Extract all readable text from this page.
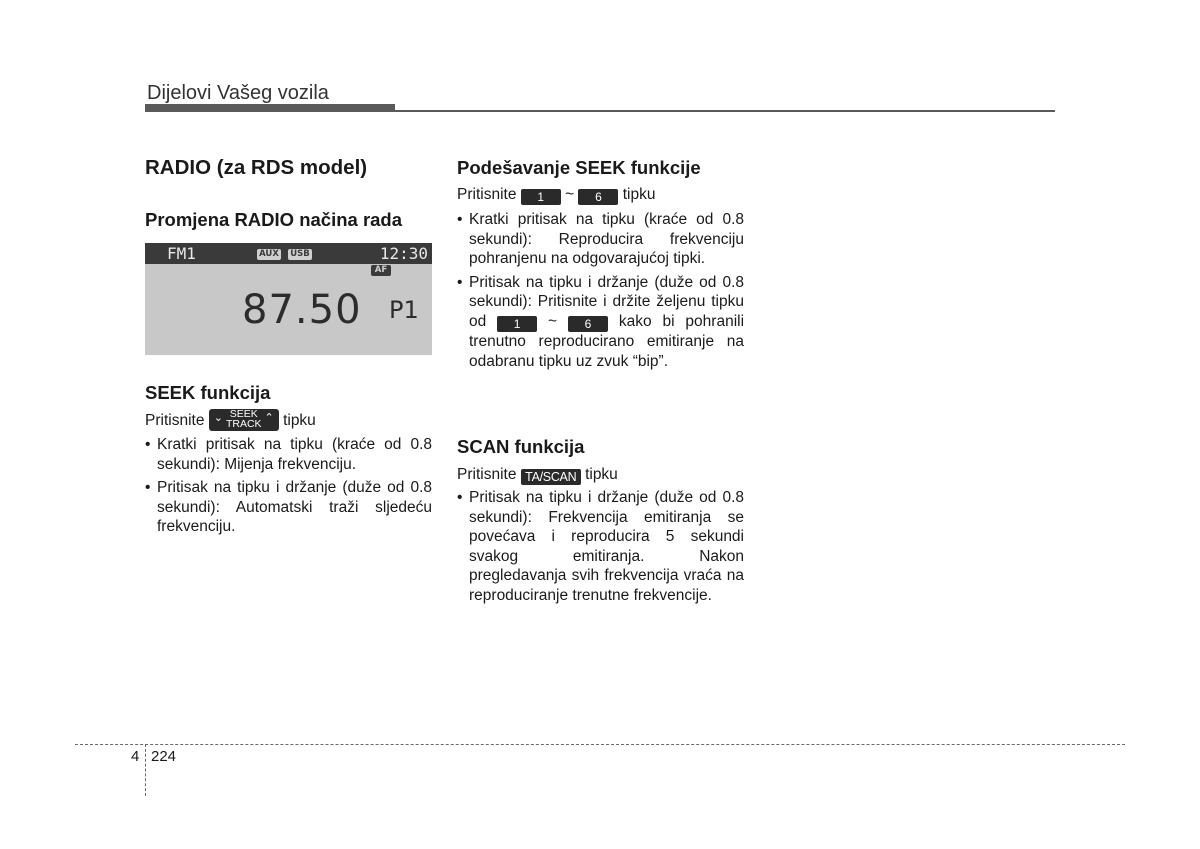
Dijelovi Vašeg vozila
RADIO (za RDS model)
Promjena RADIO načina rada
FM1	AUX USB	12:30
AF
87.50 P1
SEEK funkcija
Pritisnite ⌄ SEEK
TRACK ⌃ tipku
• Kratki pritisak na tipku (kraće od 0.8 sekundi): Mijenja frekvenciju.
• Pritisak na tipku i držanje (duže od 0.8 sekundi): Automatski traži sljedeću frekvenciju.
Podešavanje SEEK funkcije
Pritisnite 1 ~ 6 tipku
• Kratki pritisak na tipku (kraće od 0.8 sekundi): Reproducira frekvenciju pohranjenu na odgovarajućoj tipki.
• Pritisak na tipku i držanje (duže od 0.8 sekundi): Pritisnite i držite želјenu tipku od 1 ~ 6 kako bi pohranili trenutno reproducirano emitiranje na odabranu tipku uz zvuk “bip”.
SCAN funkcija
Pritisnite TA/SCAN tipku
• Pritisak na tipku i držanje (duže od 0.8 sekundi): Frekvencija emitiranja se povećava i reproducira 5 sekundi svakog emitiranja. Nakon pregledavanja svih frekvencija vraća na reproduciranje trenutne frekvencije.
4 224
